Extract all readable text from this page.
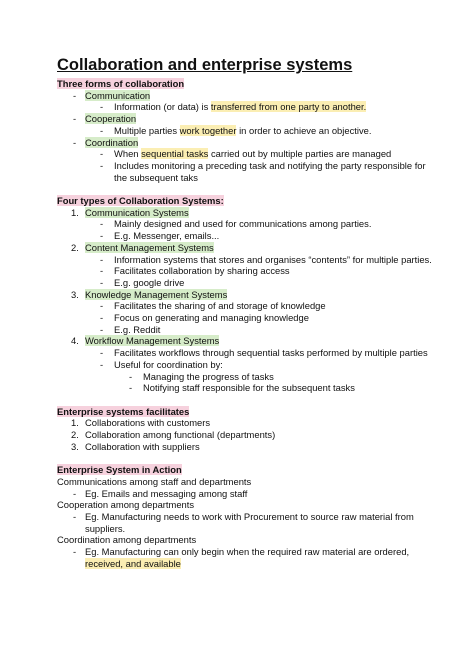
Collaboration and enterprise systems
Three forms of collaboration
- Communication
- Information (or data) is transferred from one party to another.
- Cooperation
- Multiple parties work together in order to achieve an objective.
- Coordination
- When sequential tasks carried out by multiple parties are managed
- Includes monitoring a preceding task and notifying the party responsible for
the subsequent taks
Four types of Collaboration Systems:
1. Communication Systems
- Mainly designed and used for communications among parties.
- E.g. Messenger, emails...
2. Content Management Systems
- Information systems that stores and organises “contents” for multiple parties.
- Facilitates collaboration by sharing access
- E.g. google drive
3. Knowledge Management Systems
- Facilitates the sharing of and storage of knowledge
- Focus on generating and managing knowledge
- E.g. Reddit
4. Workflow Management Systems
- Facilitates workflows through sequential tasks performed by multiple parties
- Useful for coordination by:
- Managing the progress of tasks
- Notifying staff responsible for the subsequent tasks
Enterprise systems facilitates
1. Collaborations with customers
2. Collaboration among functional (departments)
3. Collaboration with suppliers
Enterprise System in Action
Communications among staff and departments
- Eg. Emails and messaging among staff
Cooperation among departments
- Eg. Manufacturing needs to work with Procurement to source raw material from
suppliers.
Coordination among departments
- Eg. Manufacturing can only begin when the required raw material are ordered,
received, and available
